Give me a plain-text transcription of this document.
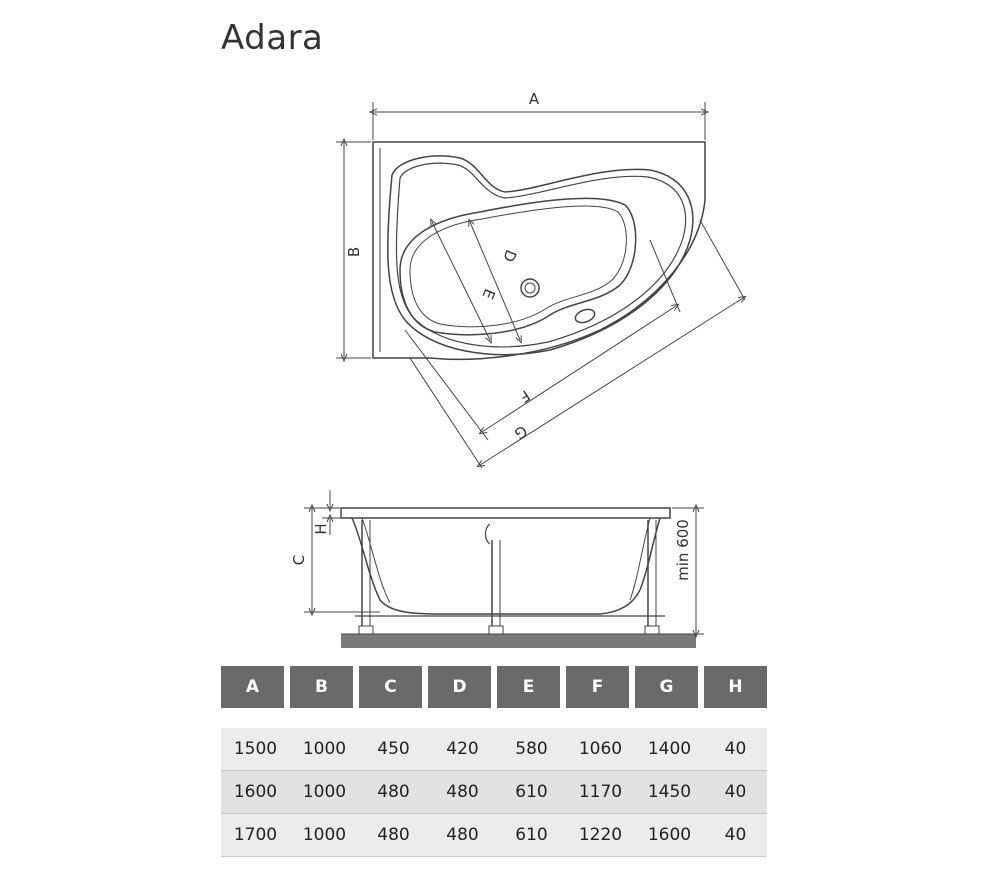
Adara
A
B	D
E
F
G
H
C	min 600
A	B	C	D	E	F	G	H

1500	1000	450	420	580	1060	1400	40
1600	1000	480	480	610	1170	1450	40
1700	1000	480	480	610	1220	1600	40
